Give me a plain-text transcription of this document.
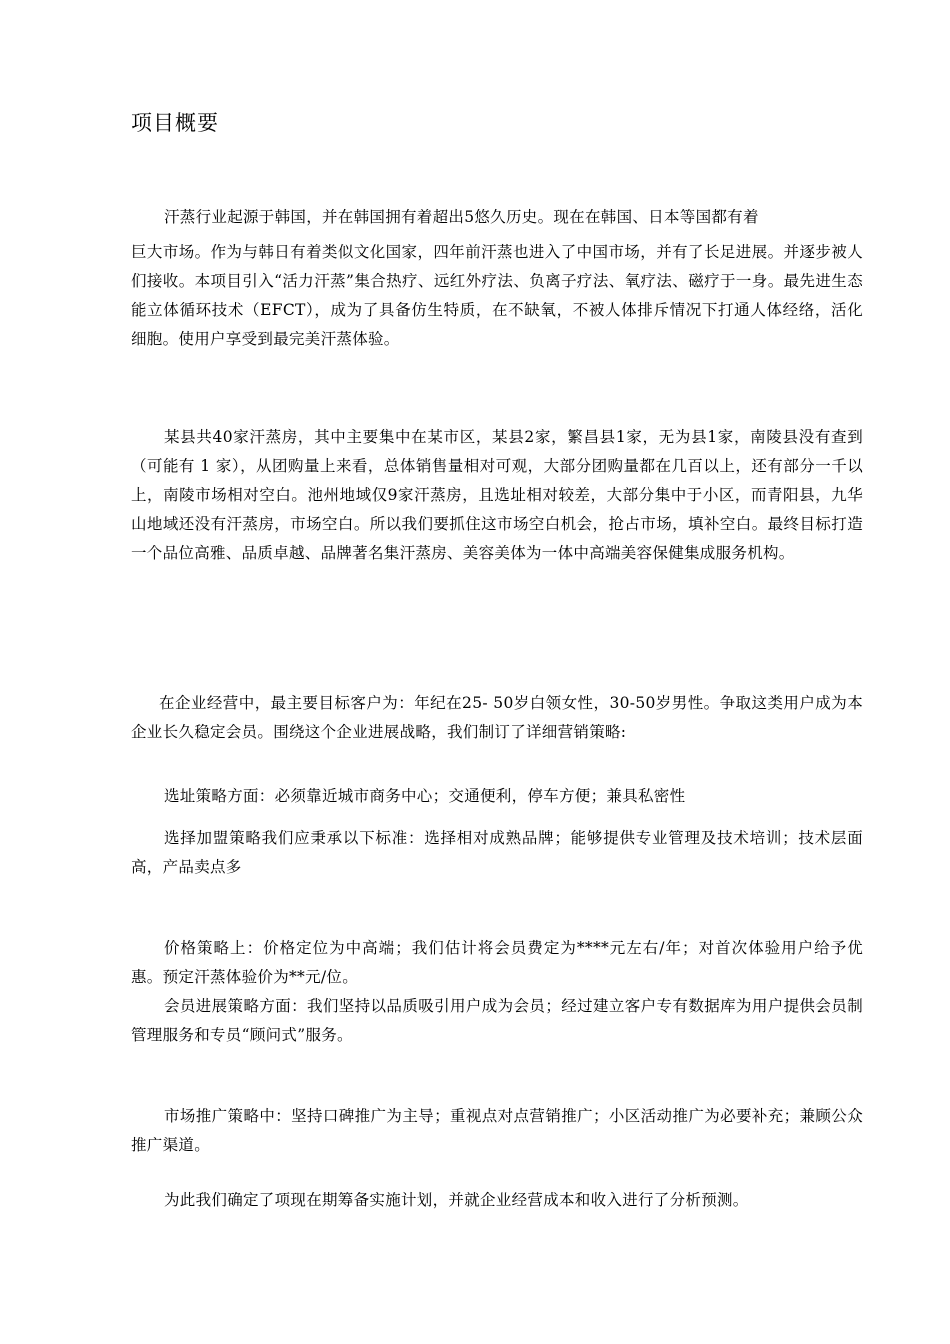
项目概要

汗蒸行业起源于韩国，并在韩国拥有着超出5悠久历史。现在在韩国、日本等国都有着

巨大市场。作为与韩日有着类似文化国家，四年前汗蒸也进入了中国市场，并有了长足进展。并逐步被人们接收。本项目引入“活力汗蒸”集合热疗、远红外疗法、负离子疗法、氧疗法、磁疗于一身。最先进生态能立体循环技术（EFCT），成为了具备仿生特质，在不缺氧，不被人体排斥情况下打通人体经络，活化细胞。使用户享受到最完美汗蒸体验。

某县共40家汗蒸房，其中主要集中在某市区，某县2家，繁昌县1家，无为县1家，南陵县没有查到（可能有 1 家），从团购量上来看，总体销售量相对可观，大部分团购量都在几百以上，还有部分一千以上，南陵市场相对空白。池州地域仅9家汗蒸房，且选址相对较差，大部分集中于小区，而青阳县，九华山地域还没有汗蒸房，市场空白。所以我们要抓住这市场空白机会，抢占市场，填补空白。最终目标打造一个品位高雅、品质卓越、品牌著名集汗蒸房、美容美体为一体中高端美容保健集成服务机构。

在企业经营中，最主要目标客户为：年纪在25- 50岁白领女性，30-50岁男性。争取这类用户成为本企业长久稳定会员。围绕这个企业进展战略，我们制订了详细营销策略:

选址策略方面：必须靠近城市商务中心；交通便利，停车方便；兼具私密性

选择加盟策略我们应秉承以下标准：选择相对成熟品牌；能够提供专业管理及技术培训；技术层面高，产品卖点多

价格策略上：价格定位为中高端；我们估计将会员费定为****元左右/年；对首次体验用户给予优惠。预定汗蒸体验价为**元/位。

会员进展策略方面：我们坚持以品质吸引用户成为会员；经过建立客户专有数据库为用户提供会员制管理服务和专员“顾问式”服务。

市场推广策略中：坚持口碑推广为主导；重视点对点营销推广；小区活动推广为必要补充；兼顾公众推广渠道。

为此我们确定了项现在期筹备实施计划，并就企业经营成本和收入进行了分析预测。
